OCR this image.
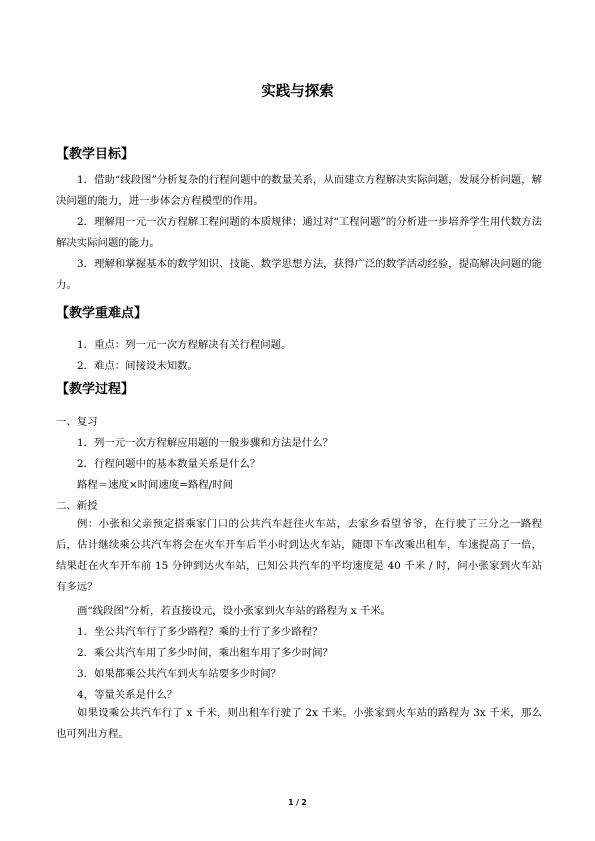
实践与探索
【教学目标】

1．借助“线段图”分析复杂的行程问题中的数量关系，从而建立方程解决实际问题，发展分析问题，解决问题的能力，进一步体会方程模型的作用。

2．理解用一元一次方程解工程问题的本质规律；通过对“工程问题”的分析进一步培养学生用代数方法解决实际问题的能力。

3．理解和掌握基本的数学知识、技能、数学思想方法，获得广泛的数学活动经验，提高解决问题的能力。

【教学重难点】
1．重点：列一元一次方程解决有关行程问题。
2．难点：间接设未知数。
【教学过程】
一、复习
1．列一元一次方程解应用题的一般步骤和方法是什么？
2．行程问题中的基本数量关系是什么？
路程＝速度×时间速度=路程/时间
二、新授

例：小张和父亲预定搭乘家门口的公共汽车赶往火车站，去家乡看望爷爷，在行驶了三分之一路程后，估计继续乘公共汽车将会在火车开车后半小时到达火车站，随即下车改乘出租车，车速提高了一倍，结果赶在火车开车前 15 分钟到达火车站，已知公共汽车的平均速度是 40 千米 / 时，问小张家到火车站有多远？

画“线段图”分析，若直接设元，设小张家到火车站的路程为 x 千米。
1．坐公共汽车行了多少路程？乘的士行了多少路程？
2．乘公共汽车用了多少时间，乘出租车用了多少时间？
3．如果都乘公共汽车到火车站要多少时间？
4，等量关系是什么？

如果设乘公共汽车行了 x 千米，则出租车行驶了 2x 千米。小张家到火车站的路程为 3x 千米，那么也可列出方程。

1 / 2
